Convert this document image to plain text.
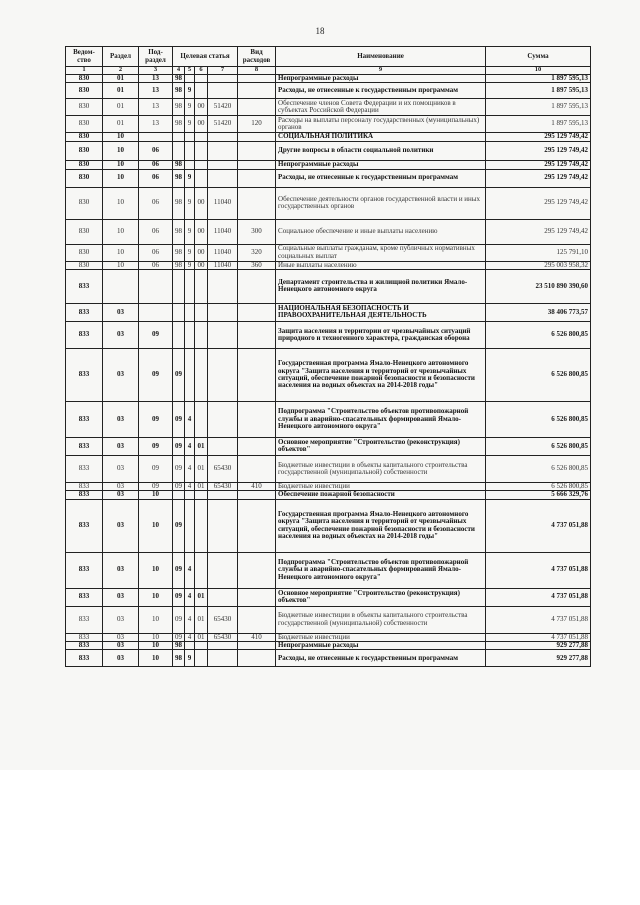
18
Ведом-ство	Раздел	Под-раздел	Целевая статья				Вид расходов	Наименование	Сумма
1	2	3	4	5	6	7	8	9	10
830	01	13	98					Непрограммные расходы	1 897 595,13
830	01	13	98	9				Расходы, не отнесенные к государственным программам	1 897 595,13
830	01	13	98	9	00	51420		Обеспечение членов Совета Федерации и их помощников в субъектах Российской Федерации	1 897 595,13
830	01	13	98	9	00	51420	120	Расходы на выплаты персоналу государственных (муниципальных) органов	1 897 595,13
830	10							СОЦИАЛЬНАЯ ПОЛИТИКА	295 129 749,42
830	10	06						Другие вопросы в области социальной политики	295 129 749,42
830	10	06	98					Непрограммные расходы	295 129 749,42
830	10	06	98	9				Расходы, не отнесенные к государственным программам	295 129 749,42
830	10	06	98	9	00	11040		Обеспечение деятельности органов государственной власти и иных государственных органов	295 129 749,42
830	10	06	98	9	00	11040	300	Социальное обеспечение и иные выплаты населению	295 129 749,42
830	10	06	98	9	00	11040	320	Социальные выплаты гражданам, кроме публичных нормативных социальных выплат	125 791,10
830	10	06	98	9	00	11040	360	Иные выплаты населению	295 003 958,32
833								Департамент строительства и жилищной политики Ямало-Ненецкого автономного округа	23 510 890 390,60
833	03							НАЦИОНАЛЬНАЯ БЕЗОПАСНОСТЬ И ПРАВООХРАНИТЕЛЬНАЯ ДЕЯТЕЛЬНОСТЬ	38 406 773,57
833	03	09						Защита населения и территории от чрезвычайных ситуаций природного и техногенного характера, гражданская оборона	6 526 800,85
833	03	09	09					Государственная программа Ямало-Ненецкого автономного округа "Защита населения и территорий от чрезвычайных ситуаций, обеспечение пожарной безопасности и безопасности населения на водных объектах на 2014-2018 годы"	6 526 800,85
833	03	09	09	4				Подпрограмма "Строительство объектов противопожарной службы и аварийно-спасательных формирований Ямало-Ненецкого автономного округа"	6 526 800,85
833	03	09	09	4	01			Основное мероприятие "Строительство (реконструкция) объектов"	6 526 800,85
833	03	09	09	4	01	65430		Бюджетные инвестиции в объекты капитального строительства государственной (муниципальной) собственности	6 526 800,85
833	03	09	09	4	01	65430	410	Бюджетные инвестиции	6 526 800,85
833	03	10						Обеспечение пожарной безопасности	5 666 329,76
833	03	10	09					Государственная программа Ямало-Ненецкого автономного округа "Защита населения и территорий от чрезвычайных ситуаций, обеспечение пожарной безопасности и безопасности населения на водных объектах на 2014-2018 годы"	4 737 051,88
833	03	10	09	4				Подпрограмма "Строительство объектов противопожарной службы и аварийно-спасательных формирований Ямало-Ненецкого автономного округа"	4 737 051,88
833	03	10	09	4	01			Основное мероприятие "Строительство (реконструкция) объектов"	4 737 051,88
833	03	10	09	4	01	65430		Бюджетные инвестиции в объекты капитального строительства государственной (муниципальной) собственности	4 737 051,88
833	03	10	09	4	01	65430	410	Бюджетные инвестиции	4 737 051,88
833	03	10	98					Непрограммные расходы	929 277,88
833	03	10	98	9				Расходы, не отнесенные к государственным программам	929 277,88
